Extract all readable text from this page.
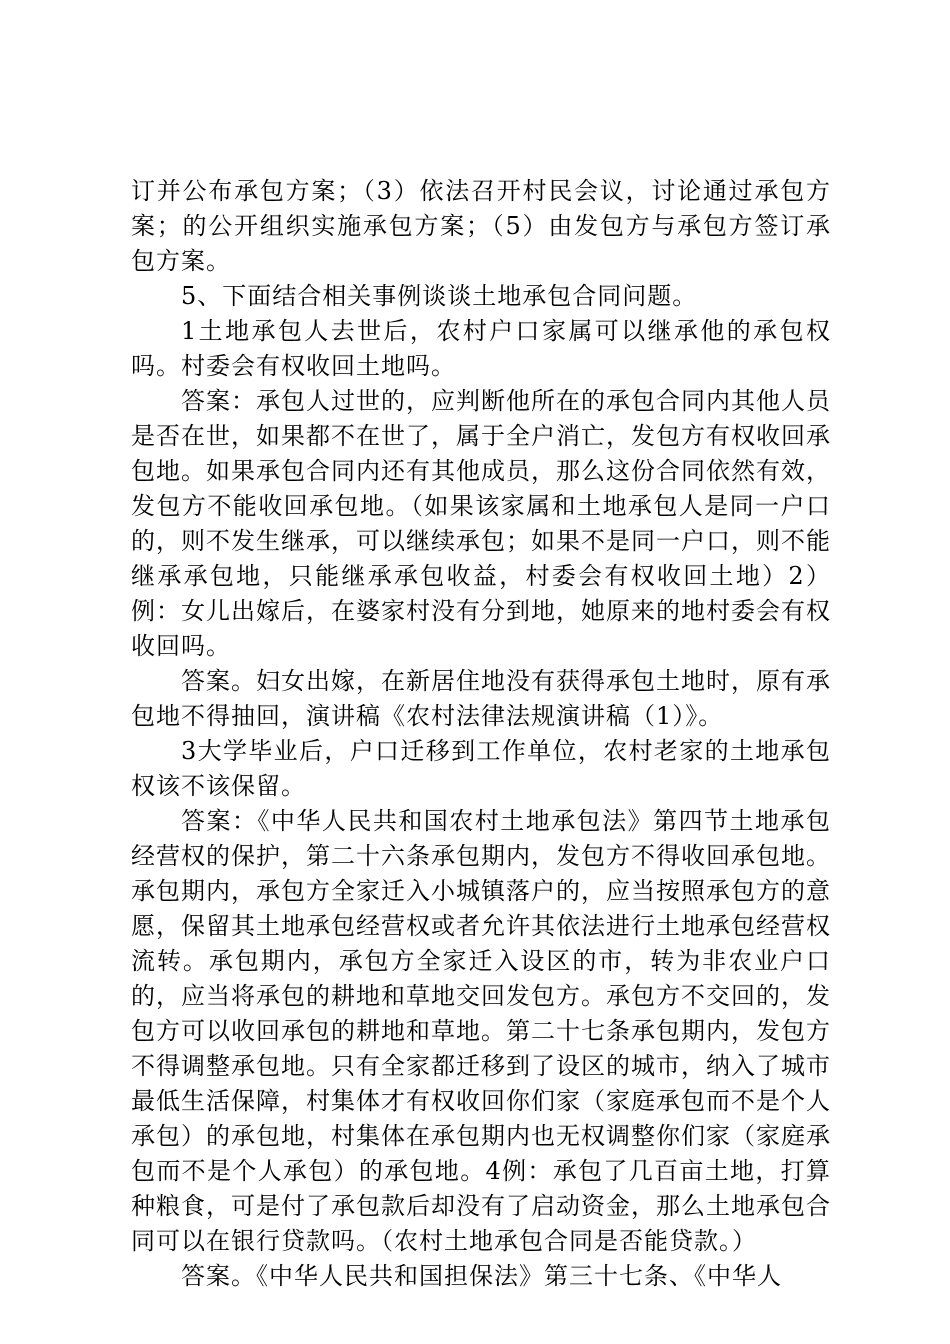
订并公布承包方案；（3）依法召开村民会议，讨论通过承包方案；的公开组织实施承包方案；（5）由发包方与承包方签订承包方案。

5、下面结合相关事例谈谈土地承包合同问题。

1土地承包人去世后，农村户口家属可以继承他的承包权吗。村委会有权收回土地吗。

答案：承包人过世的，应判断他所在的承包合同内其他人员是否在世，如果都不在世了，属于全户消亡，发包方有权收回承包地。如果承包合同内还有其他成员，那么这份合同依然有效，发包方不能收回承包地。（如果该家属和土地承包人是同一户口的，则不发生继承，可以继续承包；如果不是同一户口，则不能继承承包地，只能继承承包收益，村委会有权收回土地）2）例：女儿出嫁后，在婆家村没有分到地，她原来的地村委会有权收回吗。

答案。妇女出嫁，在新居住地没有获得承包土地时，原有承包地不得抽回，演讲稿《农村法律法规演讲稿（1）》。

3大学毕业后，户口迁移到工作单位，农村老家的土地承包权该不该保留。

答案：《中华人民共和国农村土地承包法》第四节土地承包经营权的保护，第二十六条承包期内，发包方不得收回承包地。承包期内，承包方全家迁入小城镇落户的，应当按照承包方的意愿，保留其土地承包经营权或者允许其依法进行土地承包经营权流转。承包期内，承包方全家迁入设区的市，转为非农业户口的，应当将承包的耕地和草地交回发包方。承包方不交回的，发包方可以收回承包的耕地和草地。第二十七条承包期内，发包方不得调整承包地。只有全家都迁移到了设区的城市，纳入了城市最低生活保障，村集体才有权收回你们家（家庭承包而不是个人承包）的承包地，村集体在承包期内也无权调整你们家（家庭承包而不是个人承包）的承包地。4例：承包了几百亩土地，打算种粮食，可是付了承包款后却没有了启动资金，那么土地承包合同可以在银行贷款吗。（农村土地承包合同是否能贷款。）

答案。《中华人民共和国担保法》第三十七条、《中华人
